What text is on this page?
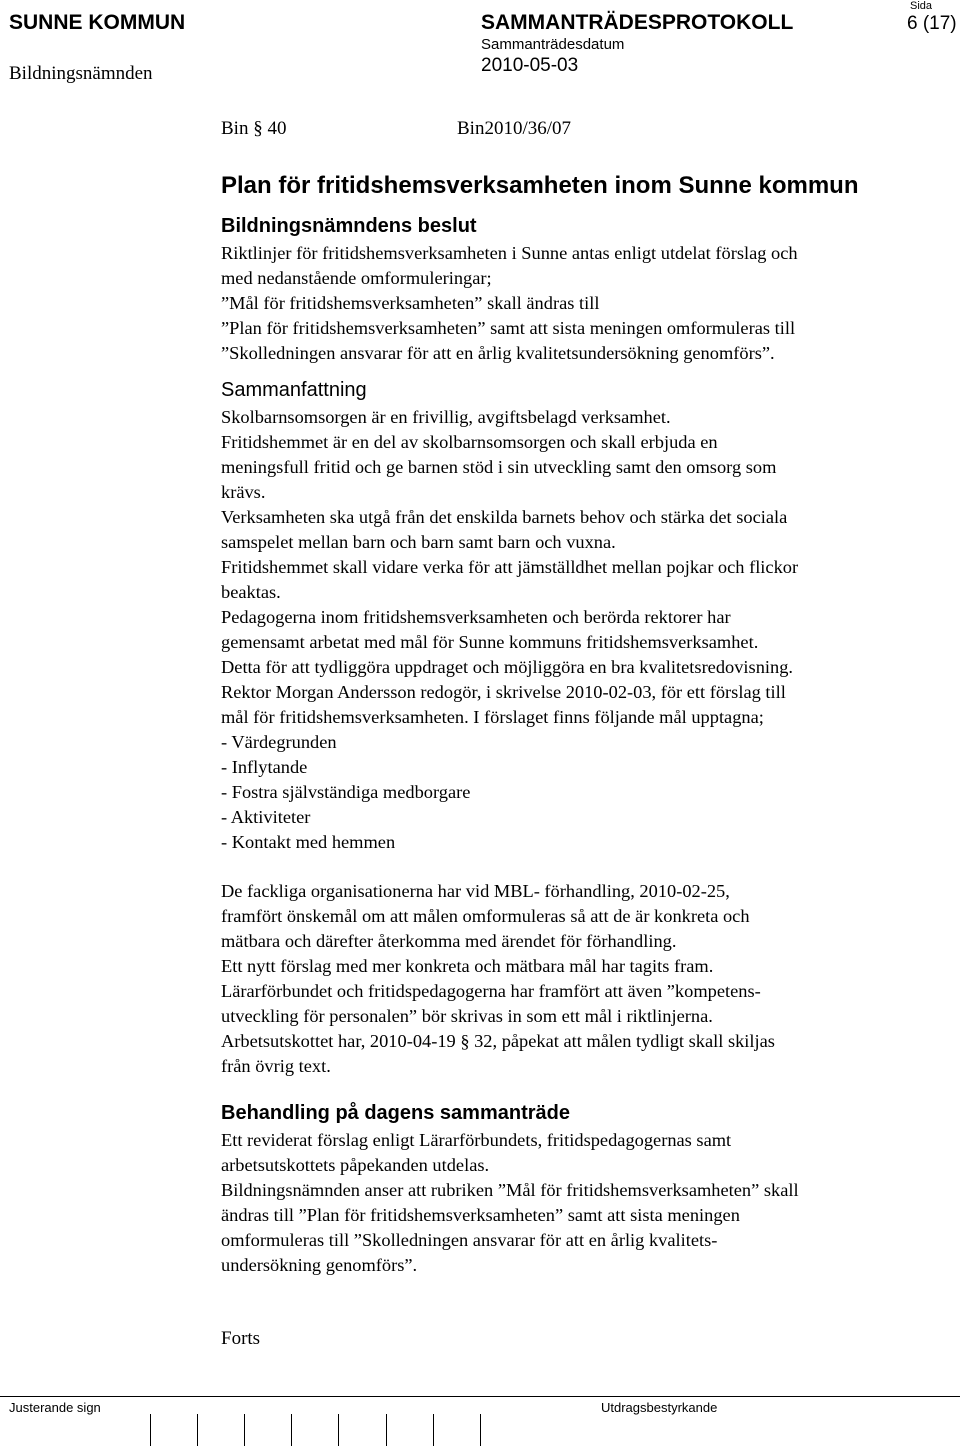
SUNNE KOMMUN
Bildningsnämnden
SAMMANTRÄDESPROTOKOLL
Sammanträdesdatum
2010-05-03
Sida
6 (17)
Bin § 40	Bin2010/36/07
Plan för fritidshemsverksamheten inom Sunne kommun
Bildningsnämndens beslut
Riktlinjer för fritidshemsverksamheten i Sunne antas enligt utdelat förslag och
med nedanstående omformuleringar;
”Mål för fritidshemsverksamheten” skall ändras till
”Plan för fritidshemsverksamheten” samt att sista meningen omformuleras till
”Skolledningen ansvarar för att en årlig kvalitetsundersökning genomförs”.
Sammanfattning
Skolbarnsomsorgen är en frivillig, avgiftsbelagd verksamhet.
Fritidshemmet är en del av skolbarnsomsorgen och skall erbjuda en
meningsfull fritid och ge barnen stöd i sin utveckling samt den omsorg som
krävs.
Verksamheten ska utgå från det enskilda barnets behov och stärka det sociala
samspelet mellan barn och barn samt barn och vuxna.
Fritidshemmet skall vidare verka för att jämställdhet mellan pojkar och flickor
beaktas.
Pedagogerna inom fritidshemsverksamheten och berörda rektorer har
gemensamt arbetat med mål för Sunne kommuns fritidshemsverksamhet.
Detta för att tydliggöra uppdraget och möjliggöra en bra kvalitetsredovisning.
Rektor Morgan Andersson redogör, i skrivelse 2010-02-03, för ett förslag till
mål för fritidshemsverksamheten. I förslaget finns följande mål upptagna;
- Värdegrunden
- Inflytande
- Fostra självständiga medborgare
- Aktiviteter
- Kontakt med hemmen
De fackliga organisationerna har vid MBL- förhandling, 2010-02-25,
framfört önskemål om att målen omformuleras så att de är konkreta och
mätbara och därefter återkomma med ärendet för förhandling.
Ett nytt förslag med mer konkreta och mätbara mål har tagits fram.
Lärarförbundet och fritidspedagogerna har framfört att även ”kompetens-
utveckling för personalen” bör skrivas in som ett mål i riktlinjerna.
Arbetsutskottet har, 2010-04-19 § 32, påpekat att målen tydligt skall skiljas
från övrig text.
Behandling på dagens sammanträde
Ett reviderat förslag enligt Lärarförbundets, fritidspedagogernas samt
arbetsutskottets påpekanden utdelas.
Bildningsnämnden anser att rubriken ”Mål för fritidshemsverksamheten” skall
ändras till ”Plan för fritidshemsverksamheten” samt att sista meningen
omformuleras till ”Skolledningen ansvarar för att en årlig kvalitets-
undersökning genomförs”.
Forts
Justerande sign	Utdragsbestyrkande
